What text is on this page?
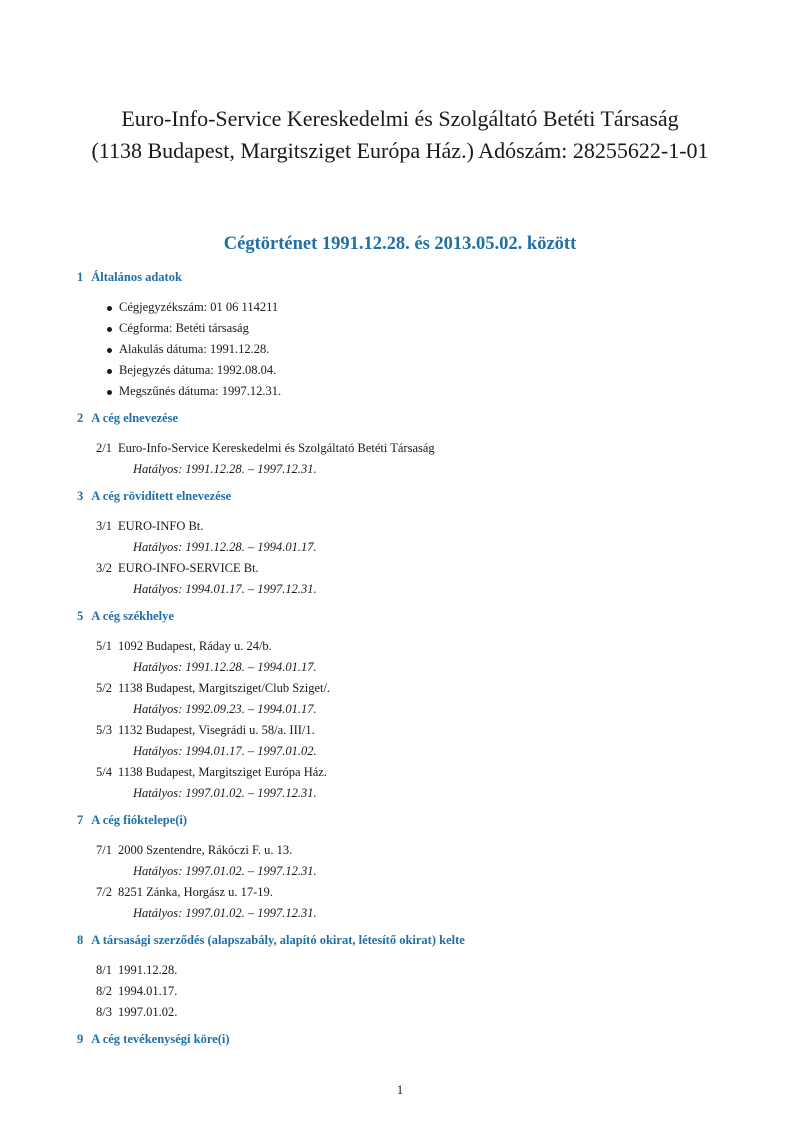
Euro-Info-Service Kereskedelmi és Szolgáltató Betéti Társaság
(1138 Budapest, Margitsziget Európa Ház.) Adószám: 28255622-1-01
Cégtörténet 1991.12.28. és 2013.05.02. között
1 Általános adatok
Cégjegyzékszám: 01 06 114211
Cégforma: Betéti társaság
Alakulás dátuma: 1991.12.28.
Bejegyzés dátuma: 1992.08.04.
Megszűnés dátuma: 1997.12.31.
2 A cég elnevezése
2/1 Euro-Info-Service Kereskedelmi és Szolgáltató Betéti Társaság
Hatályos: 1991.12.28. – 1997.12.31.
3 A cég rövidített elnevezése
3/1 EURO-INFO Bt.
Hatályos: 1991.12.28. – 1994.01.17.
3/2 EURO-INFO-SERVICE Bt.
Hatályos: 1994.01.17. – 1997.12.31.
5 A cég székhelye
5/1 1092 Budapest, Ráday u. 24/b.
Hatályos: 1991.12.28. – 1994.01.17.
5/2 1138 Budapest, Margitsziget/Club Sziget/.
Hatályos: 1992.09.23. – 1994.01.17.
5/3 1132 Budapest, Visegrádi u. 58/a. III/1.
Hatályos: 1994.01.17. – 1997.01.02.
5/4 1138 Budapest, Margitsziget Európa Ház.
Hatályos: 1997.01.02. – 1997.12.31.
7 A cég fióktelepe(i)
7/1 2000 Szentendre, Rákóczi F. u. 13.
Hatályos: 1997.01.02. – 1997.12.31.
7/2 8251 Zánka, Horgász u. 17-19.
Hatályos: 1997.01.02. – 1997.12.31.
8 A társasági szerződés (alapszabály, alapító okirat, létesítő okirat) kelte
8/1 1991.12.28.
8/2 1994.01.17.
8/3 1997.01.02.
9 A cég tevékenységi köre(i)
1
